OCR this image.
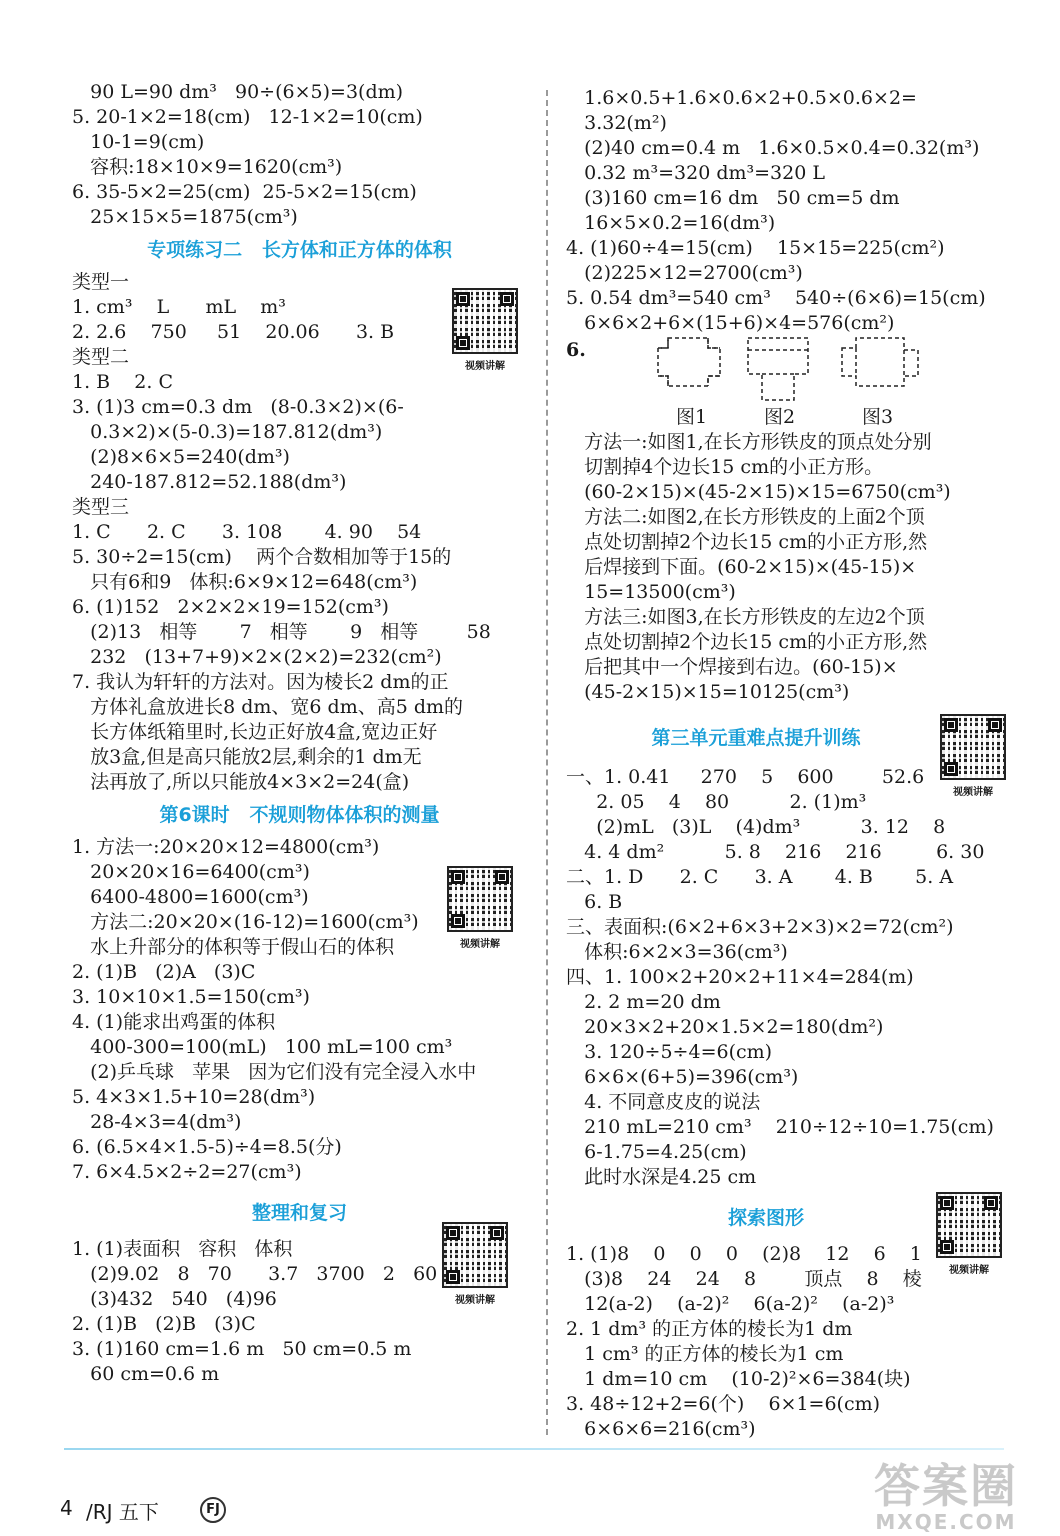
90 L=90 dm³   90÷(6×5)=3(dm)
5. 20-1×2=18(cm)   12-1×2=10(cm)
10-1=9(cm)
容积:18×10×9=1620(cm³)
6. 35-5×2=25(cm)  25-5×2=15(cm)
25×15×5=1875(cm³)
专项练习二   长方体和正方体的体积
类型一
1. cm³    L      mL    m³
2. 2.6    750     51    20.06      3. B
类型二
1. B    2. C
3. (1)3 cm=0.3 dm   (8-0.3×2)×(6-
0.3×2)×(5-0.3)=187.812(dm³)
(2)8×6×5=240(dm³)
240-187.812=52.188(dm³)
类型三
1. C      2. C      3. 108       4. 90    54
5. 30÷2=15(cm)    两个合数相加等于15的
只有6和9   体积:6×9×12=648(cm³)
6. (1)152   2×2×2×19=152(cm³)
(2)13   相等       7   相等       9   相等        58
232   (13+7+9)×2×(2×2)=232(cm²)
7. 我认为轩轩的方法对。因为棱长2 dm的正
方体礼盒放进长8 dm、宽6 dm、高5 dm的
长方体纸箱里时,长边正好放4盒,宽边正好
放3盒,但是高只能放2层,剩余的1 dm无
法再放了,所以只能放4×3×2=24(盒)
第6课时   不规则物体体积的测量
1. 方法一:20×20×12=4800(cm³)
20×20×16=6400(cm³)
6400-4800=1600(cm³)
方法二:20×20×(16-12)=1600(cm³)
水上升部分的体积等于假山石的体积
2. (1)B   (2)A   (3)C
3. 10×10×1.5=150(cm³)
4. (1)能求出鸡蛋的体积
400-300=100(mL)   100 mL=100 cm³
(2)乒乓球   苹果   因为它们没有完全浸入水中
5. 4×3×1.5+10=28(dm³)
28-4×3=4(dm³)
6. (6.5×4×1.5-5)÷4=8.5(分)
7. 6×4.5×2÷2=27(cm³)
整理和复习
1. (1)表面积   容积   体积
(2)9.02   8   70      3.7   3700   2   60
(3)432   540   (4)96
2. (1)B   (2)B   (3)C
3. (1)160 cm=1.6 m   50 cm=0.5 m
60 cm=0.6 m
1.6×0.5+1.6×0.6×2+0.5×0.6×2=
3.32(m²)
(2)40 cm=0.4 m   1.6×0.5×0.4=0.32(m³)
0.32 m³=320 dm³=320 L
(3)160 cm=16 dm   50 cm=5 dm
16×5×0.2=16(dm³)
4. (1)60÷4=15(cm)    15×15=225(cm²)
(2)225×12=2700(cm³)
5. 0.54 dm³=540 cm³    540÷(6×6)=15(cm)
6×6×2+6×(15+6)×4=576(cm²)
6.
图1	图2	图3
方法一:如图1,在长方形铁皮的顶点处分别
切割掉4个边长15 cm的小正方形。
(60-2×15)×(45-2×15)×15=6750(cm³)
方法二:如图2,在长方形铁皮的上面2个顶
点处切割掉2个边长15 cm的小正方形,然
后焊接到下面。(60-2×15)×(45-15)×
15=13500(cm³)
方法三:如图3,在长方形铁皮的左边2个顶
点处切割掉2个边长15 cm的小正方形,然
后把其中一个焊接到右边。(60-15)×
(45-2×15)×15=10125(cm³)
第三单元重难点提升训练
一、1. 0.41     270    5    600        52.6
2. 05    4    80          2. (1)m³
(2)mL   (3)L    (4)dm³          3. 12    8
4. 4 dm²          5. 8    216    216         6. 30
二、1. D      2. C      3. A       4. B       5. A
6. B
三、表面积:(6×2+6×3+2×3)×2=72(cm²)
体积:6×2×3=36(cm³)
四、1. 100×2+20×2+11×4=284(m)
2. 2 m=20 dm
20×3×2+20×1.5×2=180(dm²)
3. 120÷5÷4=6(cm)
6×6×(6+5)=396(cm³)
4. 不同意皮皮的说法
210 mL=210 cm³    210÷12÷10=1.75(cm)
6-1.75=4.25(cm)
此时水深是4.25 cm
探索图形
1. (1)8    0    0    0    (2)8    12    6    1
(3)8    24    24    8        顶点    8    棱
12(a-2)    (a-2)²    6(a-2)²    (a-2)³
2. 1 dm³ 的正方体的棱长为1 dm
1 cm³ 的正方体的棱长为1 cm
1 dm=10 cm    (10-2)²×6=384(块)
3. 48÷12+2=6(个)    6×1=6(cm)
6×6×6=216(cm³)
视频讲解
视频讲解
视频讲解
视频讲解
视频讲解
4 /RJ 五下	FJ	答案圈
MXQE.COM
